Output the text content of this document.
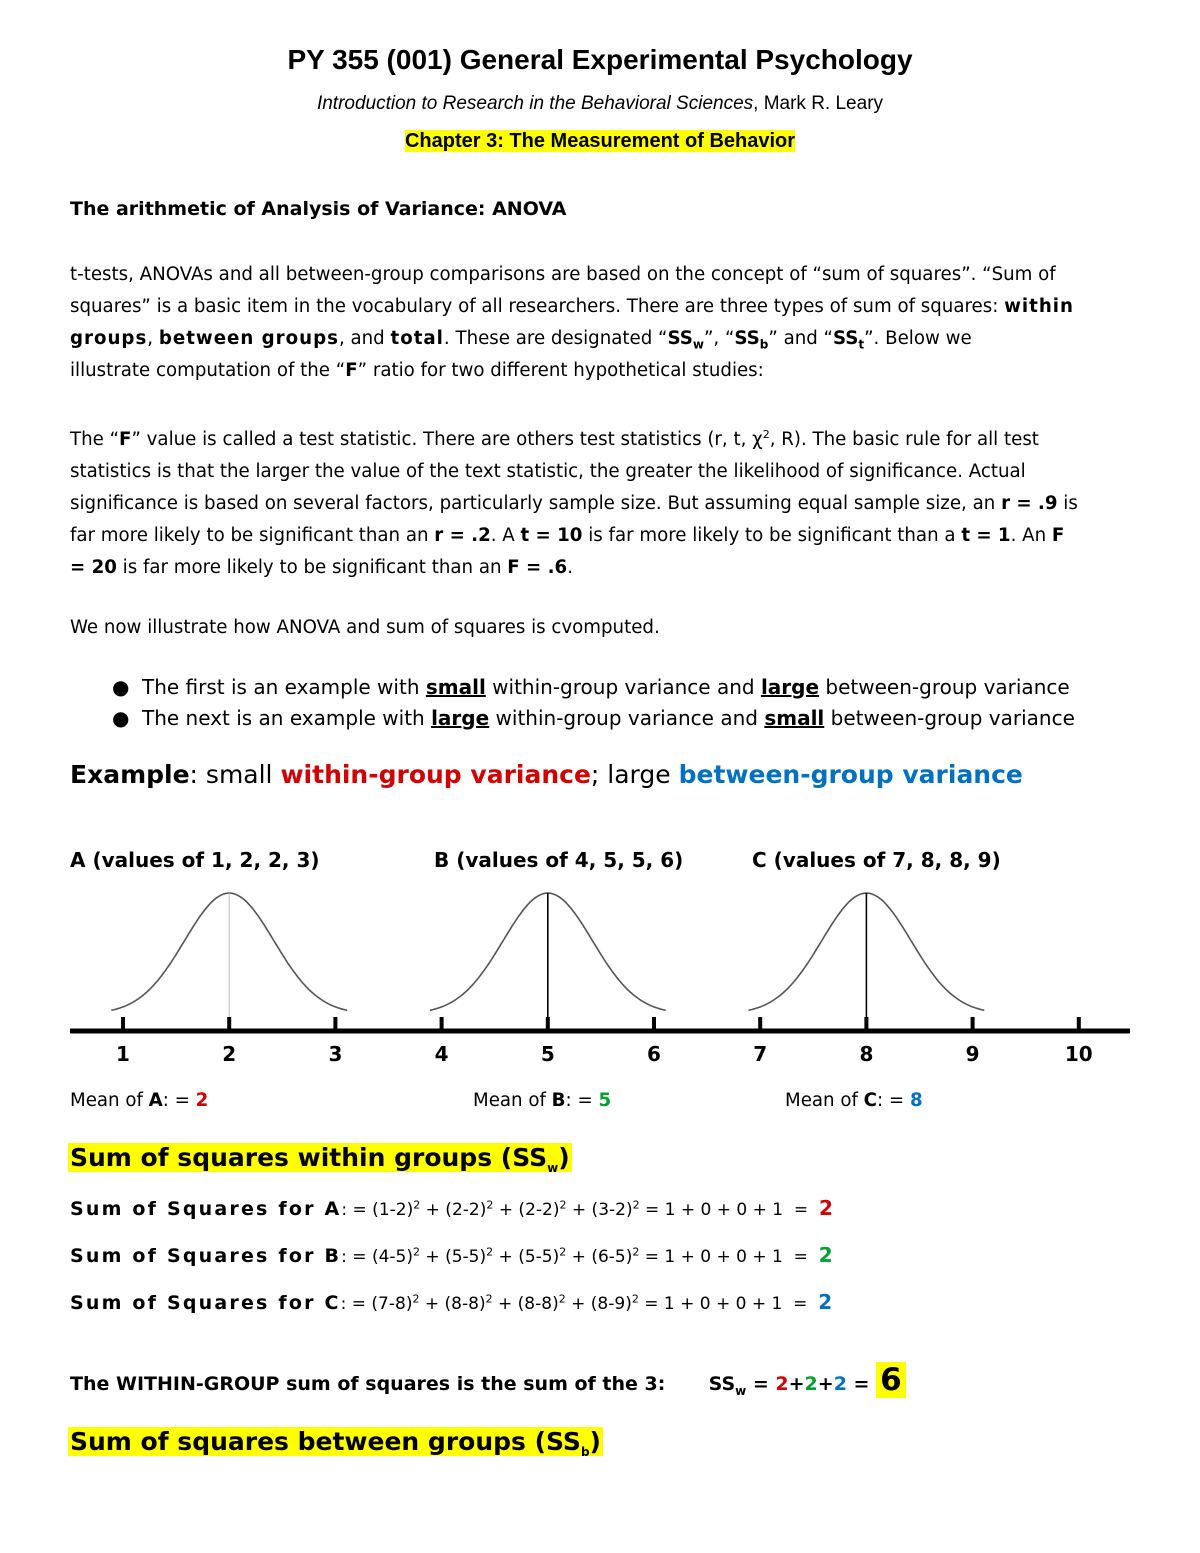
PY 355 (001) General Experimental Psychology
Introduction to Research in the Behavioral Sciences, Mark R. Leary
Chapter 3: The Measurement of Behavior
The arithmetic of Analysis of Variance: ANOVA
t-tests, ANOVAs and all between-group comparisons are based on the concept of “sum of squares”. “Sum of
squares” is a basic item in the vocabulary of all researchers. There are three types of sum of squares: within
groups, between groups, and total. These are designated “$SS_w$”, “$SS_b$” and “$SS_t$”. Below we
illustrate computation of the “F” ratio for two different hypothetical studies:
The “F” value is called a test statistic. There are others test statistics (r, t, $\chi^2$, R). The basic rule for all test
statistics is that the larger the value of the text statistic, the greater the likelihood of significance. Actual
significance is based on several factors, particularly sample size. But assuming equal sample size, an r = .9 is
far more likely to be significant than an r = .2. A t = 10 is far more likely to be significant than a t = 1. An F
= 20 is far more likely to be significant than an F = .6.
We now illustrate how ANOVA and sum of squares is cvomputed.
● The first is an example with small within-group variance and large between-group variance
● The next is an example with large within-group variance and small between-group variance
Example: small within-group variance; large between-group variance
A (values of 1, 2, 2, 3)	B (values of 4, 5, 5, 6)	C (values of 7, 8, 8, 9)
1	2	3	4	5	6	7	8	9	10
Mean of A: = 2	Mean of B: = 5	Mean of C: = 8
Sum of squares within groups $(SS_w)$
Sum of Squares for A: = $(1-2)^2 + (2-2)^2 + (2-2)^2 + (3-2)^2 = 1 + 0 + 0 + 1 = 2$
Sum of Squares for B: = $(4-5)^2 + (5-5)^2 + (5-5)^2 + (6-5)^2 = 1 + 0 + 0 + 1 = 2$
Sum of Squares for C: = $(7-8)^2 + (8-8)^2 + (8-8)^2 + (8-9)^2 = 1 + 0 + 0 + 1 = 2$
The WITHIN-GROUP sum of squares is the sum of the 3: $SS_w = 2+2+2 = 6$
Sum of squares between groups $(SS_b)$
